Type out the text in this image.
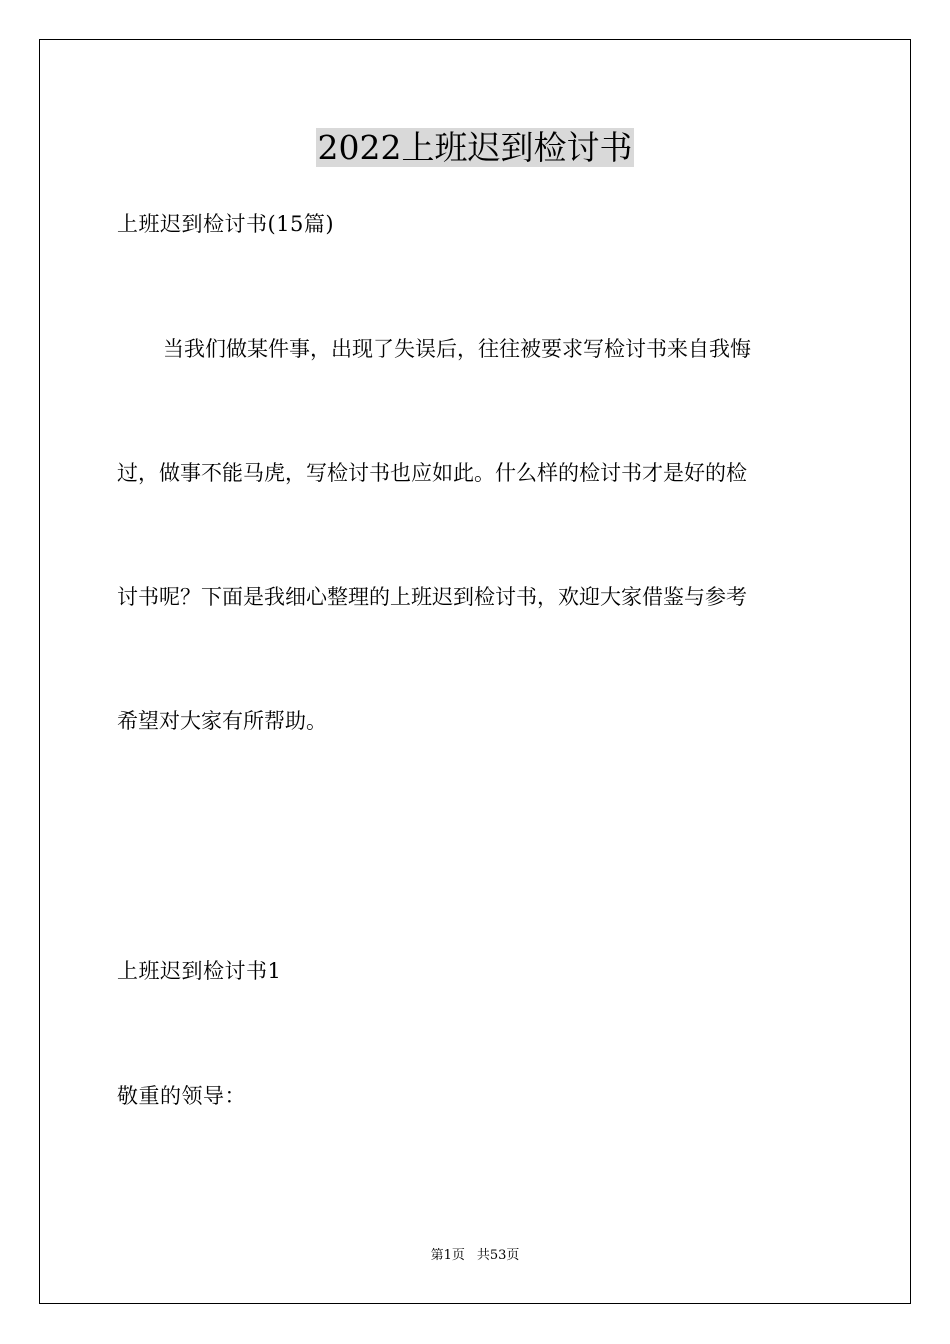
2022上班迟到检讨书

上班迟到检讨书(15篇)

当我们做某件事，出现了失误后，往往被要求写检讨书来自我悔

过，做事不能马虎，写检讨书也应如此。什么样的检讨书才是好的检

讨书呢？下面是我细心整理的上班迟到检讨书，欢迎大家借鉴与参考

希望对大家有所帮助。

上班迟到检讨书1

敬重的领导：

第1页 共53页
